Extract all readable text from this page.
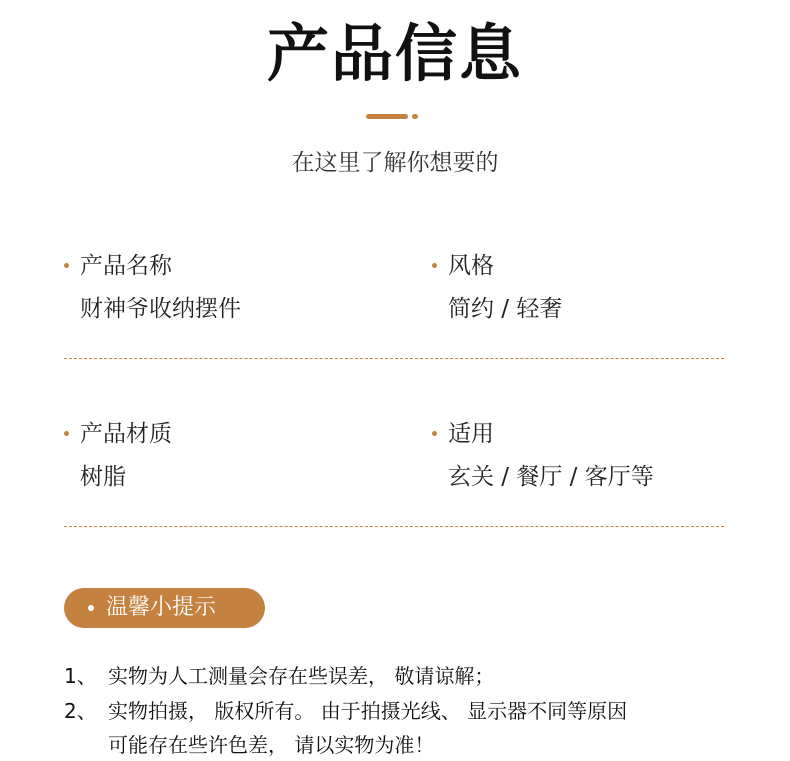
产品信息
在这里了解你想要的
产品名称
财神爷收纳摆件
风格
简约 / 轻奢
产品材质
树脂
适用
玄关 / 餐厅 / 客厅等
温馨小提示
1、 实物为人工测量会存在些误差， 敬请谅解；
2、 实物拍摄， 版权所有。 由于拍摄光线、 显示器不同等原因
可能存在些许色差， 请以实物为准！
